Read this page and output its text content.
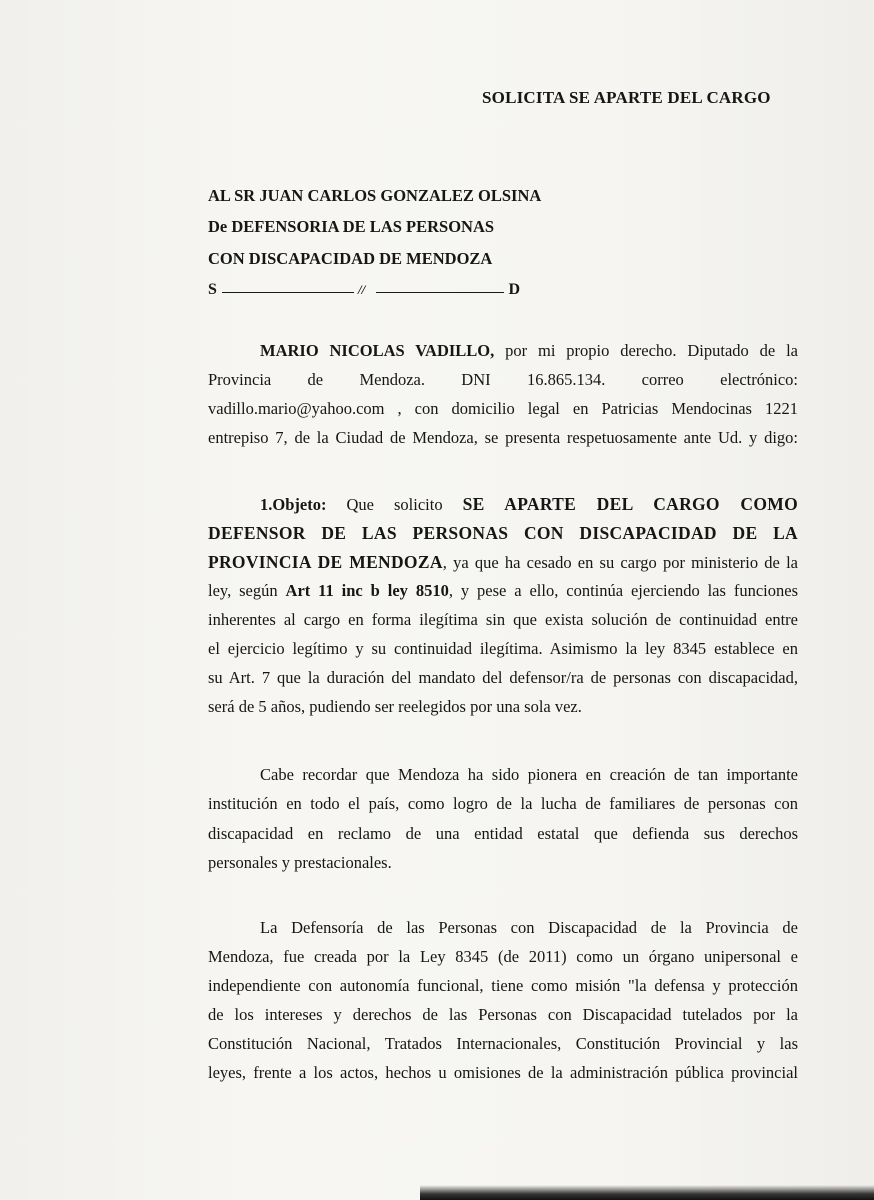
SOLICITA SE APARTE DEL CARGO
AL SR JUAN CARLOS GONZALEZ OLSINA
De DEFENSORIA DE LAS PERSONAS
CON DISCAPACIDAD DE MENDOZA
S	//	D
MARIO NICOLAS VADILLO, por mi propio derecho. Diputado de la
Provincia de Mendoza. DNI 16.865.134. correo electrónico:
vadillo.mario@yahoo.com , con domicilio legal en Patricias Mendocinas 1221
entrepiso 7, de la Ciudad de Mendoza, se presenta respetuosamente ante Ud. y digo:
1.Objeto: Que solicito SE APARTE DEL CARGO COMO
DEFENSOR DE LAS PERSONAS CON DISCAPACIDAD DE LA
PROVINCIA DE MENDOZA, ya que ha cesado en su cargo por ministerio de la
ley, según Art 11 inc b ley 8510, y pese a ello, continúa ejerciendo las funciones
inherentes al cargo en forma ilegítima sin que exista solución de continuidad entre
el ejercicio legítimo y su continuidad ilegítima. Asimismo la ley 8345 establece en
su Art. 7 que la duración del mandato del defensor/ra de personas con discapacidad,
será de 5 años, pudiendo ser reelegidos por una sola vez.
Cabe recordar que Mendoza ha sido pionera en creación de tan importante
institución en todo el país, como logro de la lucha de familiares de personas con
discapacidad en reclamo de una entidad estatal que defienda sus derechos
personales y prestacionales.
La Defensoría de las Personas con Discapacidad de la Provincia de
Mendoza, fue creada por la Ley 8345 (de 2011) como un órgano unipersonal e
independiente con autonomía funcional, tiene como misión "la defensa y protección
de los intereses y derechos de las Personas con Discapacidad tutelados por la
Constitución Nacional, Tratados Internacionales, Constitución Provincial y las
leyes, frente a los actos, hechos u omisiones de la administración pública provincial
